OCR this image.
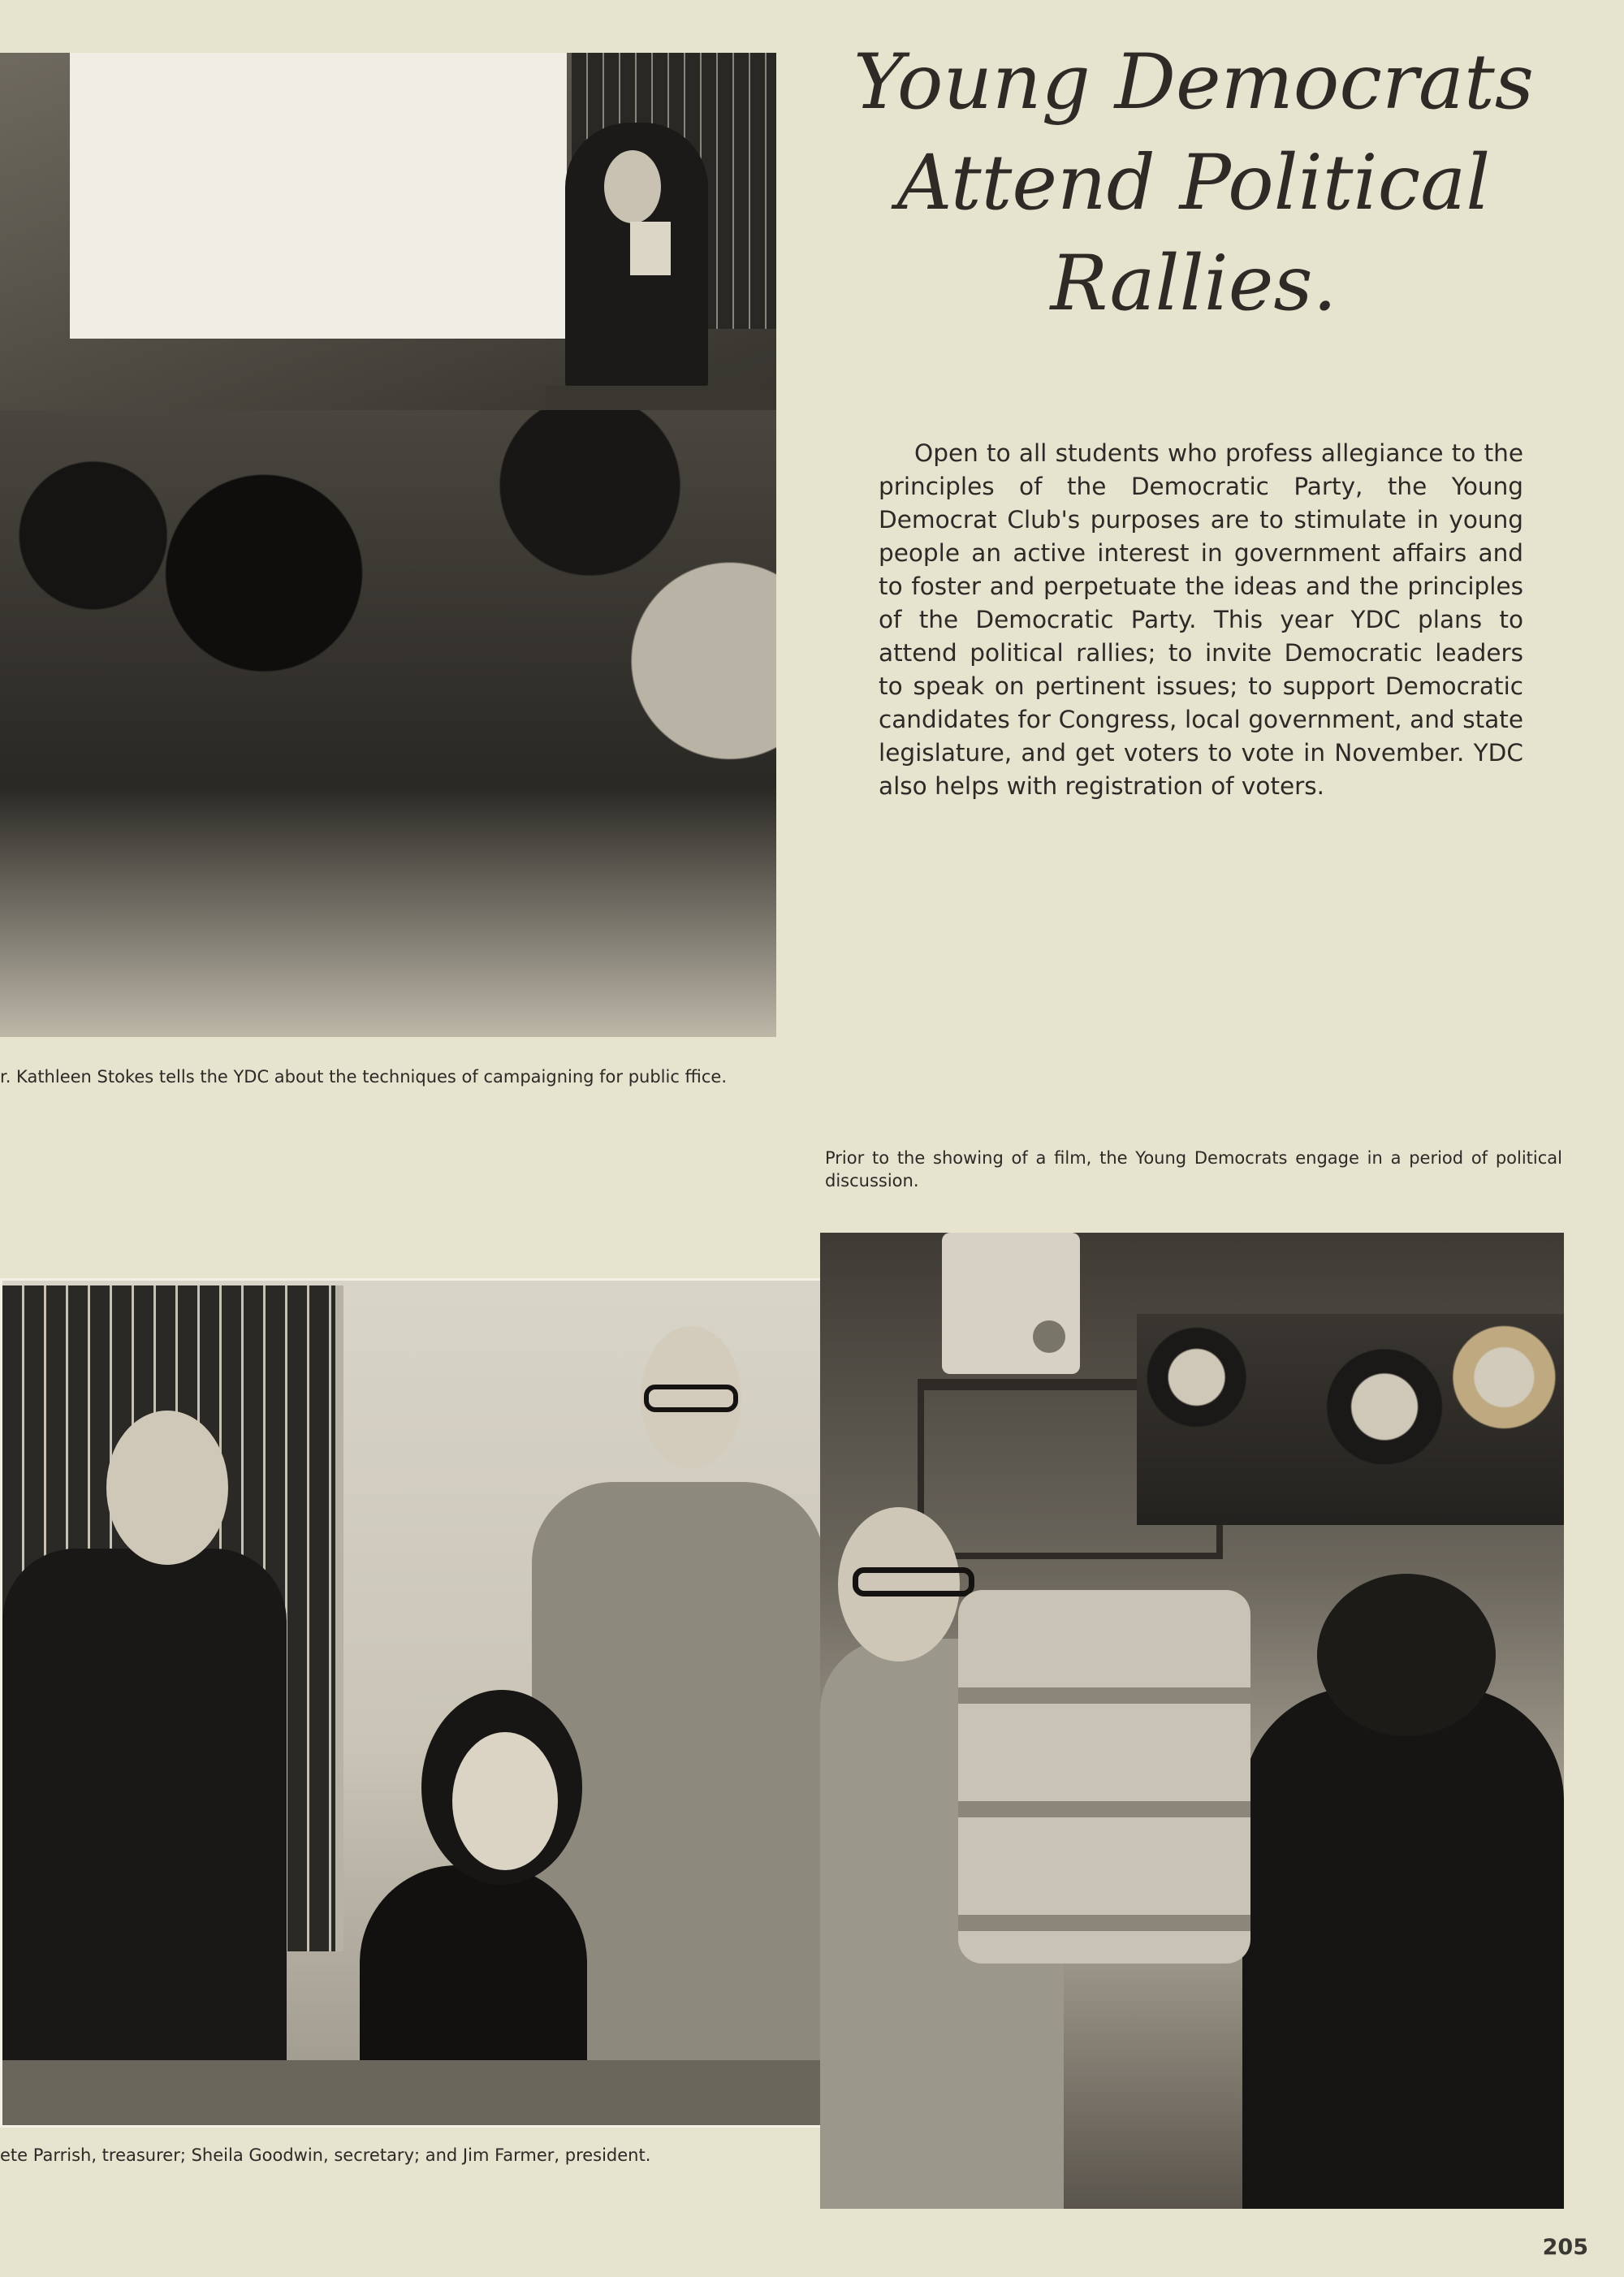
Young Democrats
Attend Political Rallies.
Open to all students who profess allegiance to the principles of the Democratic Party, the Young Democrat Club's purposes are to stimulate in young people an active interest in government affairs and to foster and perpetuate the ideas and the principles of the Democratic Party. This year YDC plans to attend political rallies; to invite Democratic leaders to speak on pertinent issues; to support Democratic candidates for Congress, local government, and state legislature, and get voters to vote in November. YDC also helps with registration of voters.
r. Kathleen Stokes tells the YDC about the techniques of campaigning for public ffice.
Prior to the showing of a film, the Young Democrats engage in a period of political discussion.
ete Parrish, treasurer; Sheila Goodwin, secretary; and Jim Farmer, president.
205
